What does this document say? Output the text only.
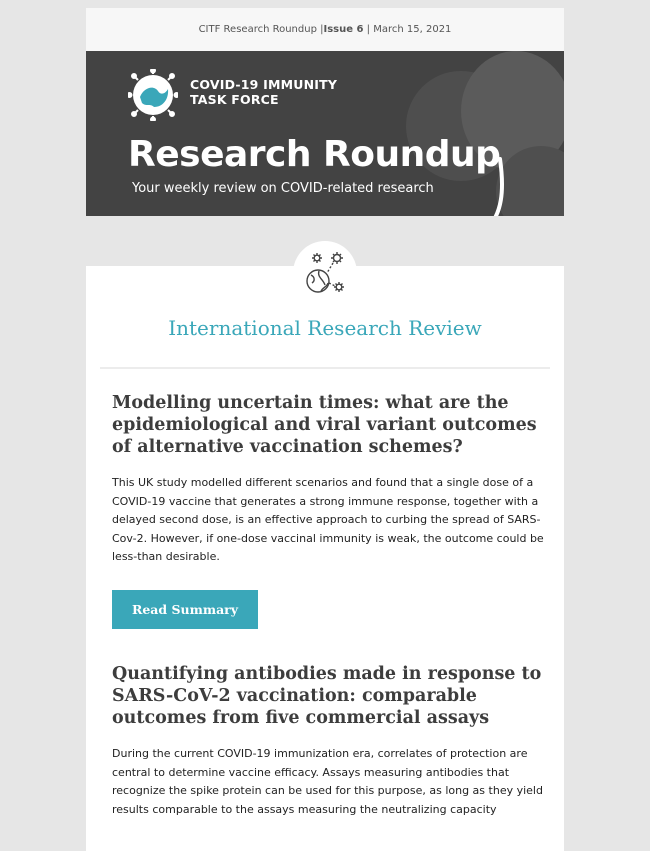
CITF Research Roundup |Issue 6 | March 15, 2021
COVID-19 IMMUNITY
TASK FORCE
Research Roundup
Your weekly review on COVID-related research
International Research Review
Modelling uncertain times: what are the epidemiological and viral variant outcomes of alternative vaccination schemes?

This UK study modelled different scenarios and found that a single dose of a COVID-19 vaccine that generates a strong immune response, together with a delayed second dose, is an effective approach to curbing the spread of SARS-Cov-2. However, if one-dose vaccinal immunity is weak, the outcome could be less-than desirable.

Read Summary
Quantifying antibodies made in response to SARS-CoV-2 vaccination: comparable outcomes from five commercial assays

During the current COVID-19 immunization era, correlates of protection are central to determine vaccine efficacy. Assays measuring antibodies that recognize the spike protein can be used for this purpose, as long as they yield results comparable to the assays measuring the neutralizing capacity
